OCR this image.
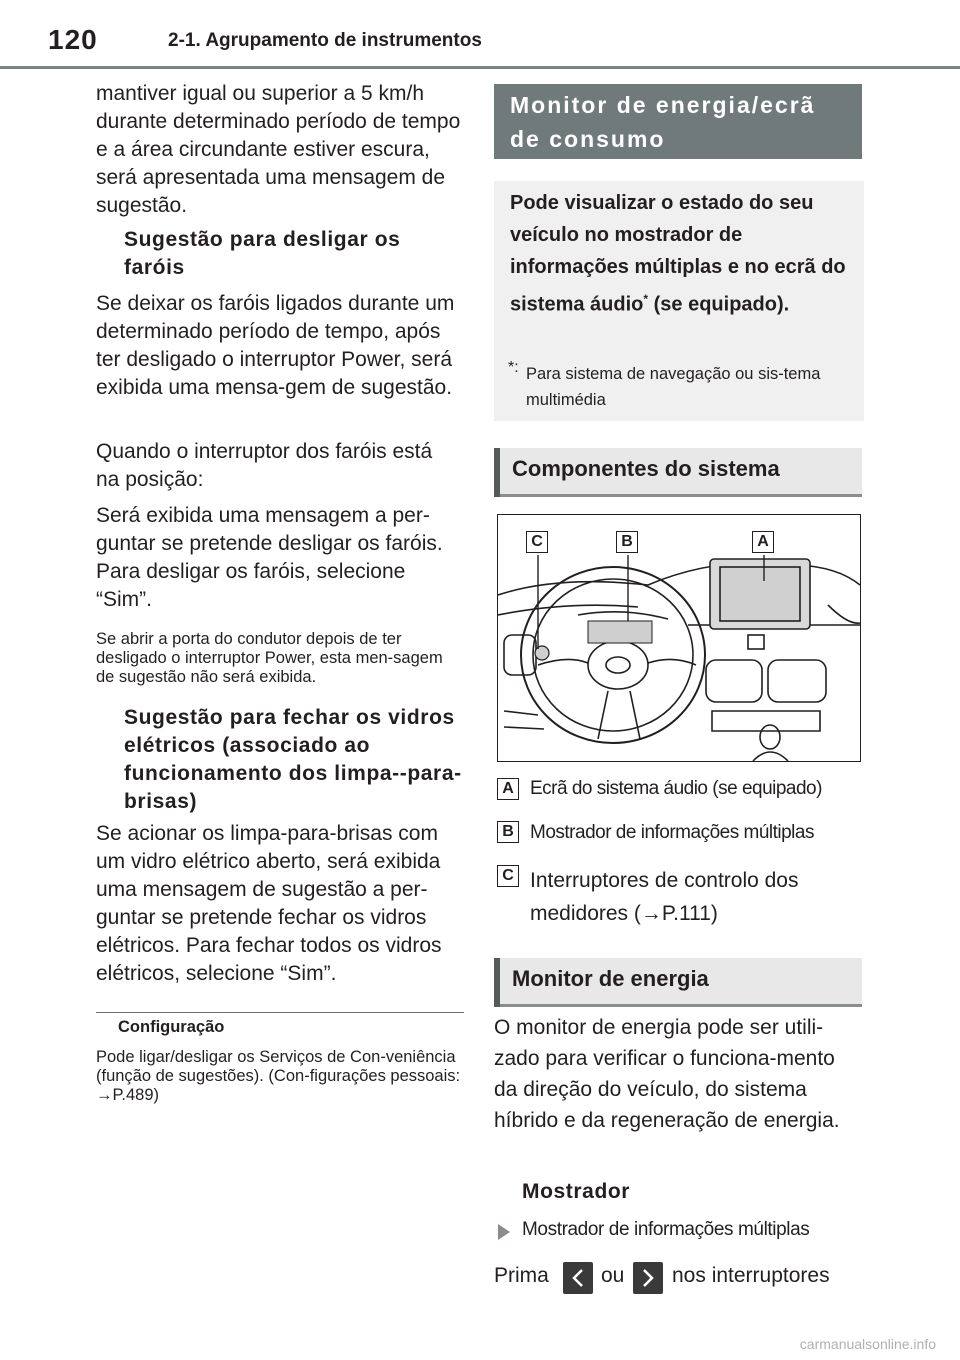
120	2-1. Agrupamento de instrumentos

mantiver igual ou superior a 5 km/h durante determinado período de tempo e a área circundante estiver escura, será apresentada uma mensagem de sugestão.

Sugestão para desligar os faróis

Se deixar os faróis ligados durante um determinado período de tempo, após ter desligado o interruptor Power, será exibida uma mensa-gem de sugestão.

Quando o interruptor dos faróis está na posição:

Será exibida uma mensagem a per-guntar se pretende desligar os faróis. Para desligar os faróis, selecione “Sim”.

Se abrir a porta do condutor depois de ter desligado o interruptor Power, esta men-sagem de sugestão não será exibida.

Sugestão para fechar os vidros elétricos (associado ao funcionamento dos limpa--para-brisas)

Se acionar os limpa-para-brisas com um vidro elétrico aberto, será exibida uma mensagem de sugestão a per-guntar se pretende fechar os vidros elétricos. Para fechar todos os vidros elétricos, selecione “Sim”.

Configuração

Pode ligar/desligar os Serviços de Con-veniência (função de sugestões). (Con-figurações pessoais: →P.489)

Monitor de energia/ecrã de consumo
Pode visualizar o estado do seu veículo no mostrador de informações múltiplas e no ecrã do sistema áudio* (se equipado).
*: Para sistema de navegação ou sis-tema multimédia
Componentes do sistema
C	B	A
A Ecrã do sistema áudio (se equipado)
B Mostrador de informações múltiplas
C Interruptores de controlo dos medidores (→P.111)
Monitor de energia

O monitor de energia pode ser utili-zado para verificar o funciona-mento da direção do veículo, do sistema híbrido e da regeneração de energia.

Mostrador
Mostrador de informações múltiplas
Prima ou nos interruptores
carmanualsonline.info
